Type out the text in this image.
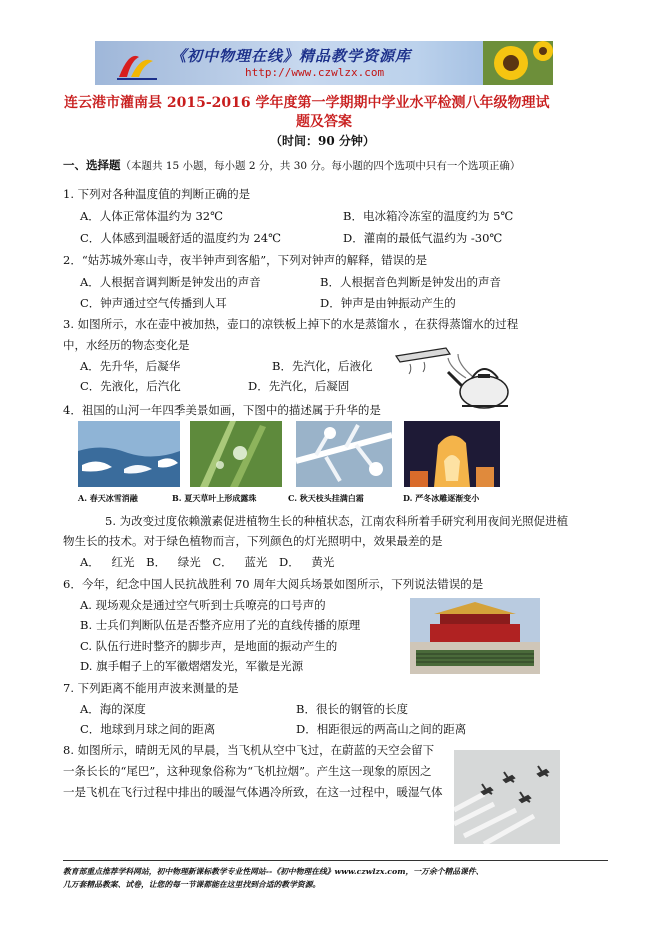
《初中物理在线》精品教学资源库
http://www.czwlzx.com
连云港市灌南县 2015-2016 学年度第一学期期中学业水平检测八年级物理试
题及答案
（时间：90 分钟）
一、选择题（本题共 15 小题，每小题 2 分，共 30 分。每小题的四个选项中只有一个选项正确）
1. 下列对各种温度值的判断正确的是
A．人体正常体温约为 32℃	B．电冰箱冷冻室的温度约为 5℃
C．人体感到温暖舒适的温度约为 24℃	D．灌南的最低气温约为 -30℃
2．“姑苏城外寒山寺，夜半钟声到客船”，下列对钟声的解释，错误的是
A．人根据音调判断是钟发出的声音	B．人根据音色判断是钟发出的声音
C．钟声通过空气传播到人耳	D．钟声是由钟振动产生的
3. 如图所示，水在壶中被加热，壶口的凉铁板上掉下的水是蒸馏水 ，在获得蒸馏水的过程
中，水经历的物态变化是
A．先升华，后凝华	B．先汽化，后液化
C．先液化，后汽化	D．先汽化，后凝固
4．祖国的山河一年四季美景如画，下图中的描述属于升华的是
A. 春天冰雪消融	B. 夏天草叶上形成露珠	C. 秋天枝头挂满白霜	D. 严冬冰雕逐渐变小
5. 为改变过度依赖激素促进植物生长的种植状态，江南农科所着手研究利用夜间光照促进植
物生长的技术。对于绿色植物而言，下列颜色的灯光照明中，效果最差的是
A． 红光 B． 绿光 C． 蓝光 D． 黄光
6．今年，纪念中国人民抗战胜利 70 周年大阅兵场景如图所示，下列说法错误的是
A. 现场观众是通过空气听到士兵嘹亮的口号声的
B. 士兵们判断队伍是否整齐应用了光的直线传播的原理
C. 队伍行进时整齐的脚步声，是地面的振动产生的
D. 旗手帽子上的军徽熠熠发光，军徽是光源
7. 下列距离不能用声波来测量的是
A．海的深度	B．很长的钢管的长度
C．地球到月球之间的距离	D．相距很远的两高山之间的距离
8. 如图所示，晴朗无风的早晨，当飞机从空中飞过，在蔚蓝的天空会留下
一条长长的“尾巴”，这种现象俗称为“飞机拉烟”。产生这一现象的原因之
一是飞机在飞行过程中排出的暖湿气体遇冷所致，在这一过程中，暖湿气体
教育部重点推荐学科网站，初中物理新课标教学专业性网站--《初中物理在线》www.czwlzx.com，一万余个精品课件、
几万套精品教案、试卷，让您的每一节课都能在这里找到合适的教学资源。
